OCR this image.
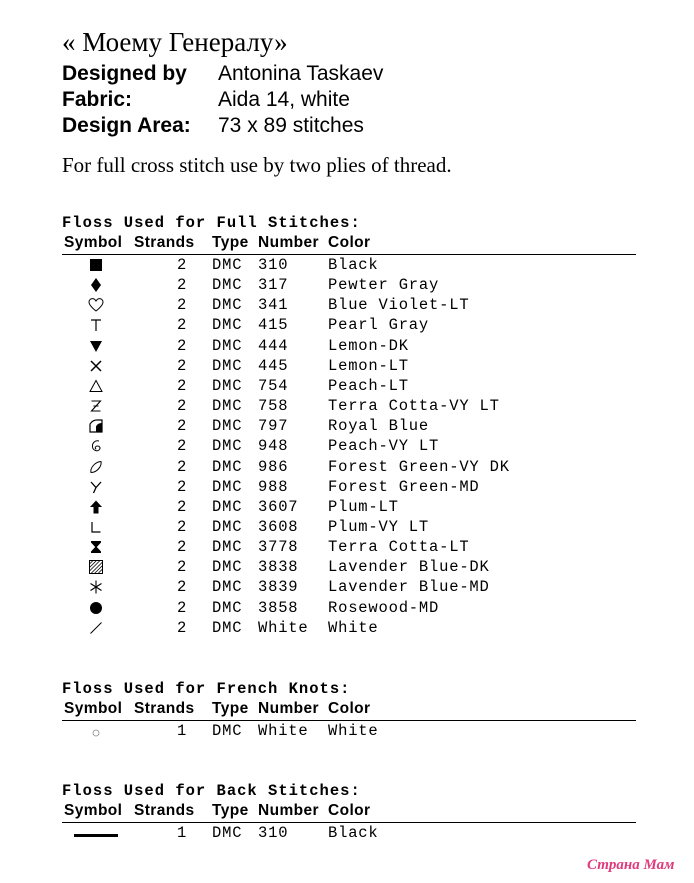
« Моему Генералу»
Designed by Antonina Taskaev
Fabric:	Aida 14, white
Design Area: 73 x 89 stitches
For full cross stitch use by two plies of thread.
Floss Used for Full Stitches:
Symbol Strands Type Number Color
2 DMC 310	Black
2 DMC 317	Pewter Gray
2 DMC 341	Blue Violet-LT
2 DMC 415	Pearl Gray
2 DMC 444	Lemon-DK
2 DMC 445	Lemon-LT
2 DMC 754	Peach-LT
2 DMC 758	Terra Cotta-VY LT
2 DMC 797	Royal Blue
2 DMC 948	Peach-VY LT
2 DMC 986	Forest Green-VY DK
2 DMC 988	Forest Green-MD
2 DMC 3607 Plum-LT
2 DMC 3608 Plum-VY LT
2 DMC 3778 Terra Cotta-LT
2 DMC 3838 Lavender Blue-DK
2 DMC 3839 Lavender Blue-MD
2 DMC 3858 Rosewood-MD
2 DMC White White
Floss Used for French Knots:
Symbol Strands Type Number Color
1 DMC White White
Floss Used for Back Stitches:
Symbol Strands Type Number Color
1 DMC 310	Black
Страна Мам
